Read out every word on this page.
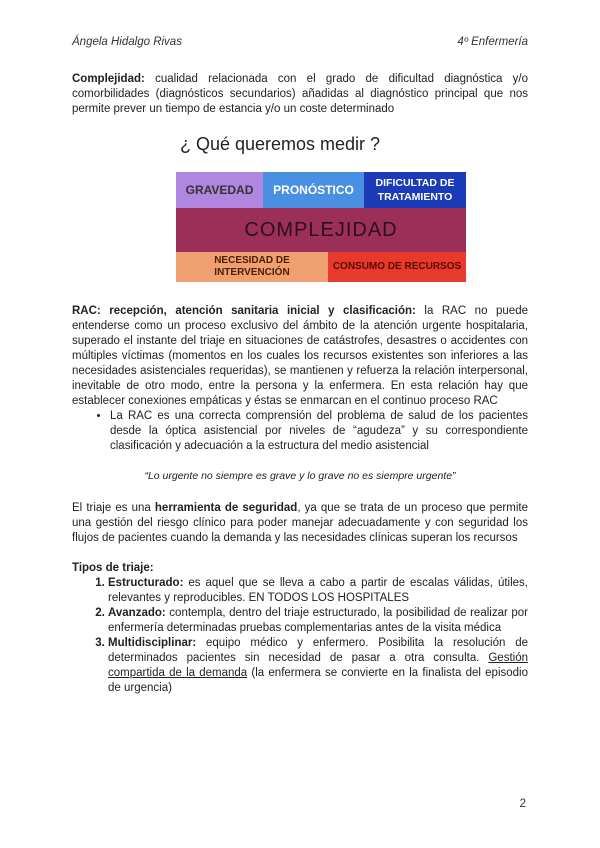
Ángela Hidalgo Rivas	4º Enfermería

Complejidad: cualidad relacionada con el grado de dificultad diagnóstica y/o comorbilidades (diagnósticos secundarios) añadidas al diagnóstico principal que nos permite prever un tiempo de estancia y/o un coste determinado

¿ Qué queremos medir ?
GRAVEDAD	PRONÓSTICO	DIFICULTAD DE TRATAMIENTO
COMPLEJIDAD
NECESIDAD DE INTERVENCIÓN
CONSUMO DE RECURSOS

RAC: recepción, atención sanitaria inicial y clasificación: la RAC no puede entenderse como un proceso exclusivo del ámbito de la atención urgente hospitalaria, superado el instante del triaje en situaciones de catástrofes, desastres o accidentes con múltiples víctimas (momentos en los cuales los recursos existentes son inferiores a las necesidades asistenciales requeridas), se mantienen y refuerza la relación interpersonal, inevitable de otro modo, entre la persona y la enfermera. En esta relación hay que establecer conexiones empáticas y éstas se enmarcan en el continuo proceso RAC

• La RAC es una correcta comprensión del problema de salud de los pacientes desde la óptica asistencial por niveles de “agudeza” y su correspondiente clasificación y adecuación a la estructura del medio asistencial
“Lo urgente no siempre es grave y lo grave no es siempre urgente”

El triaje es una herramienta de seguridad, ya que se trata de un proceso que permite una gestión del riesgo clínico para poder manejar adecuadamente y con seguridad los flujos de pacientes cuando la demanda y las necesidades clínicas superan los recursos

Tipos de triaje:

1. Estructurado: es aquel que se lleva a cabo a partir de escalas válidas, útiles, relevantes y reproducibles. EN TODOS LOS HOSPITALES
2. Avanzado: contempla, dentro del triaje estructurado, la posibilidad de realizar por enfermería determinadas pruebas complementarias antes de la visita médica
3. Multidisciplinar: equipo médico y enfermero. Posibilita la resolución de determinados pacientes sin necesidad de pasar a otra consulta. Gestión compartida de la demanda (la enfermera se convierte en la finalista del episodio de urgencia)
2
